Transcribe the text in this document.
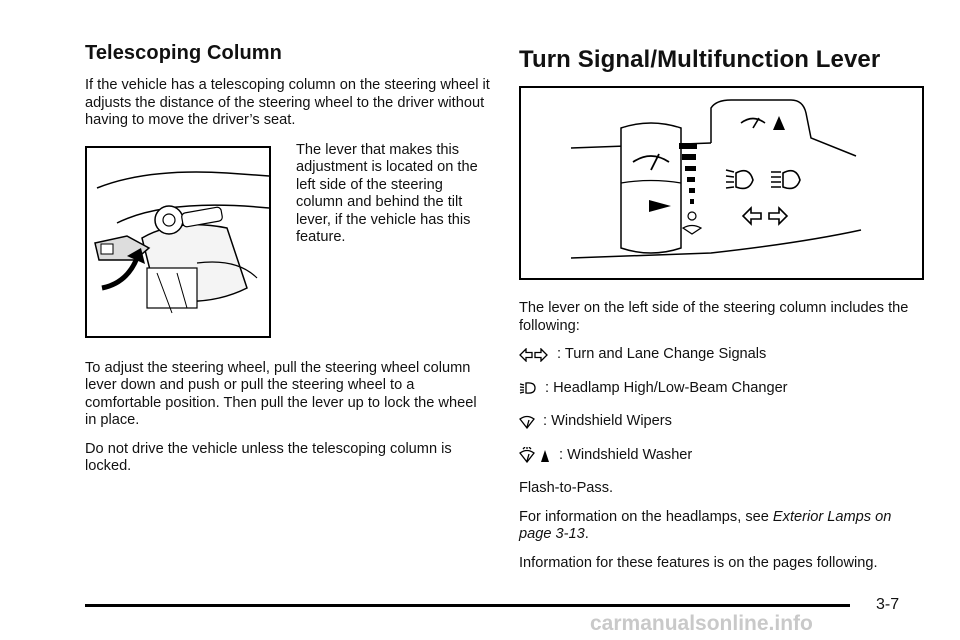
Telescoping Column

If the vehicle has a telescoping column on the steering wheel it adjusts the distance of the steering wheel to the driver without having to move the driver’s seat.

The lever that makes this adjustment is located on the left side of the steering column and behind the tilt lever, if the vehicle has this feature.

To adjust the steering wheel, pull the steering wheel column lever down and push or pull the steering wheel to a comfortable position. Then pull the lever up to lock the wheel in place.

Do not drive the vehicle unless the telescoping column is locked.

Turn Signal/Multifunction Lever

The lever on the left side of the steering column includes the following:

: Turn and Lane Change Signals
: Headlamp High/Low-Beam Changer
: Windshield Wipers
: Windshield Washer

Flash-to-Pass.

For information on the headlamps, see Exterior Lamps on page 3-13.

Information for these features is on the pages following.

3-7
carmanualsonline.info
